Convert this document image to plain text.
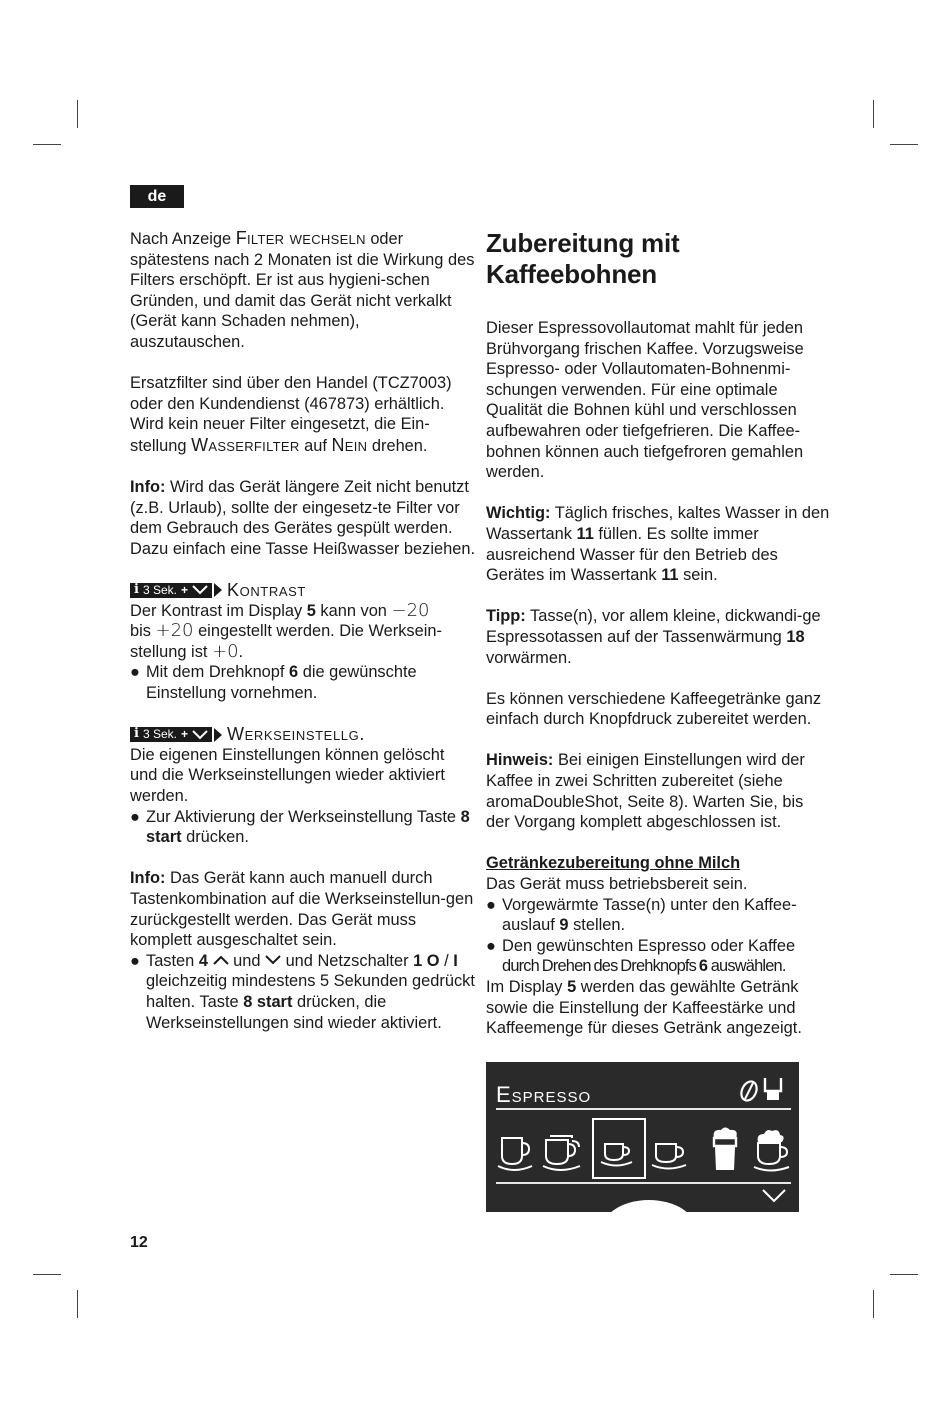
de

Nach Anzeige Filter wechseln oder spätestens nach 2 Monaten ist die Wirkung des Filters erschöpft. Er ist aus hygieni-schen Gründen, und damit das Gerät nicht verkalkt (Gerät kann Schaden nehmen), auszutauschen.

Ersatzfilter sind über den Handel (TCZ7003) oder den Kundendienst (467873) erhältlich. Wird kein neuer Filter eingesetzt, die Ein-stellung Wasserfilter auf Nein drehen.

Info: Wird das Gerät längere Zeit nicht benutzt (z.B. Urlaub), sollte der eingesetz-te Filter vor dem Gebrauch des Gerätes gespült werden. Dazu einfach eine Tasse Heißwasser beziehen.

i 3 Sek. + Kontrast
Der Kontrast im Display 5 kann von −20
bis +20 eingestellt werden. Die Werksein-stellung ist +0.

● Mit dem Drehknopf 6 die gewünschte Einstellung vornehmen.

i 3 Sek. + Werkseinstellg.
Die eigenen Einstellungen können gelöscht und die Werkseinstellungen wieder aktiviert werden.

● Zur Aktivierung der Werkseinstellung Taste 8 start drücken.

Info: Das Gerät kann auch manuell durch Tastenkombination auf die Werkseinstellun-gen zurückgestellt werden. Das Gerät muss komplett ausgeschaltet sein.
● Tasten 4  und  und Netzschalter 1 O / I gleichzeitig mindestens 5 Sekunden gedrückt halten. Taste 8 start drücken, die Werkseinstellungen sind wieder aktiviert.
Zubereitung mit Kaffeebohnen

Dieser Espressovollautomat mahlt für jeden Brühvorgang frischen Kaffee. Vorzugsweise Espresso- oder Vollautomaten-Bohnenmi-schungen verwenden. Für eine optimale Qualität die Bohnen kühl und verschlossen aufbewahren oder tiefgefrieren. Die Kaffee-bohnen können auch tiefgefroren gemahlen werden.

Wichtig: Täglich frisches, kaltes Wasser in den Wassertank 11 füllen. Es sollte immer ausreichend Wasser für den Betrieb des Gerätes im Wassertank 11 sein.

Tipp: Tasse(n), vor allem kleine, dickwandi-ge Espressotassen auf der Tassenwärmung 18 vorwärmen.

Es können verschiedene Kaffeegetränke ganz einfach durch Knopfdruck zubereitet werden.

Hinweis: Bei einigen Einstellungen wird der Kaffee in zwei Schritten zubereitet (siehe aromaDoubleShot, Seite 8). Warten Sie, bis der Vorgang komplett abgeschlossen ist.

Getränkezubereitung ohne Milch
Das Gerät muss betriebsbereit sein.
● Vorgewärmte Tasse(n) unter den Kaffee-auslauf 9 stellen.
● Den gewünschten Espresso oder Kaffee
durch Drehen des Drehknopfs 6 auswählen.
Im Display 5 werden das gewählte Getränk sowie die Einstellung der Kaffeestärke und Kaffeemenge für dieses Getränk angezeigt.
Espresso
12
